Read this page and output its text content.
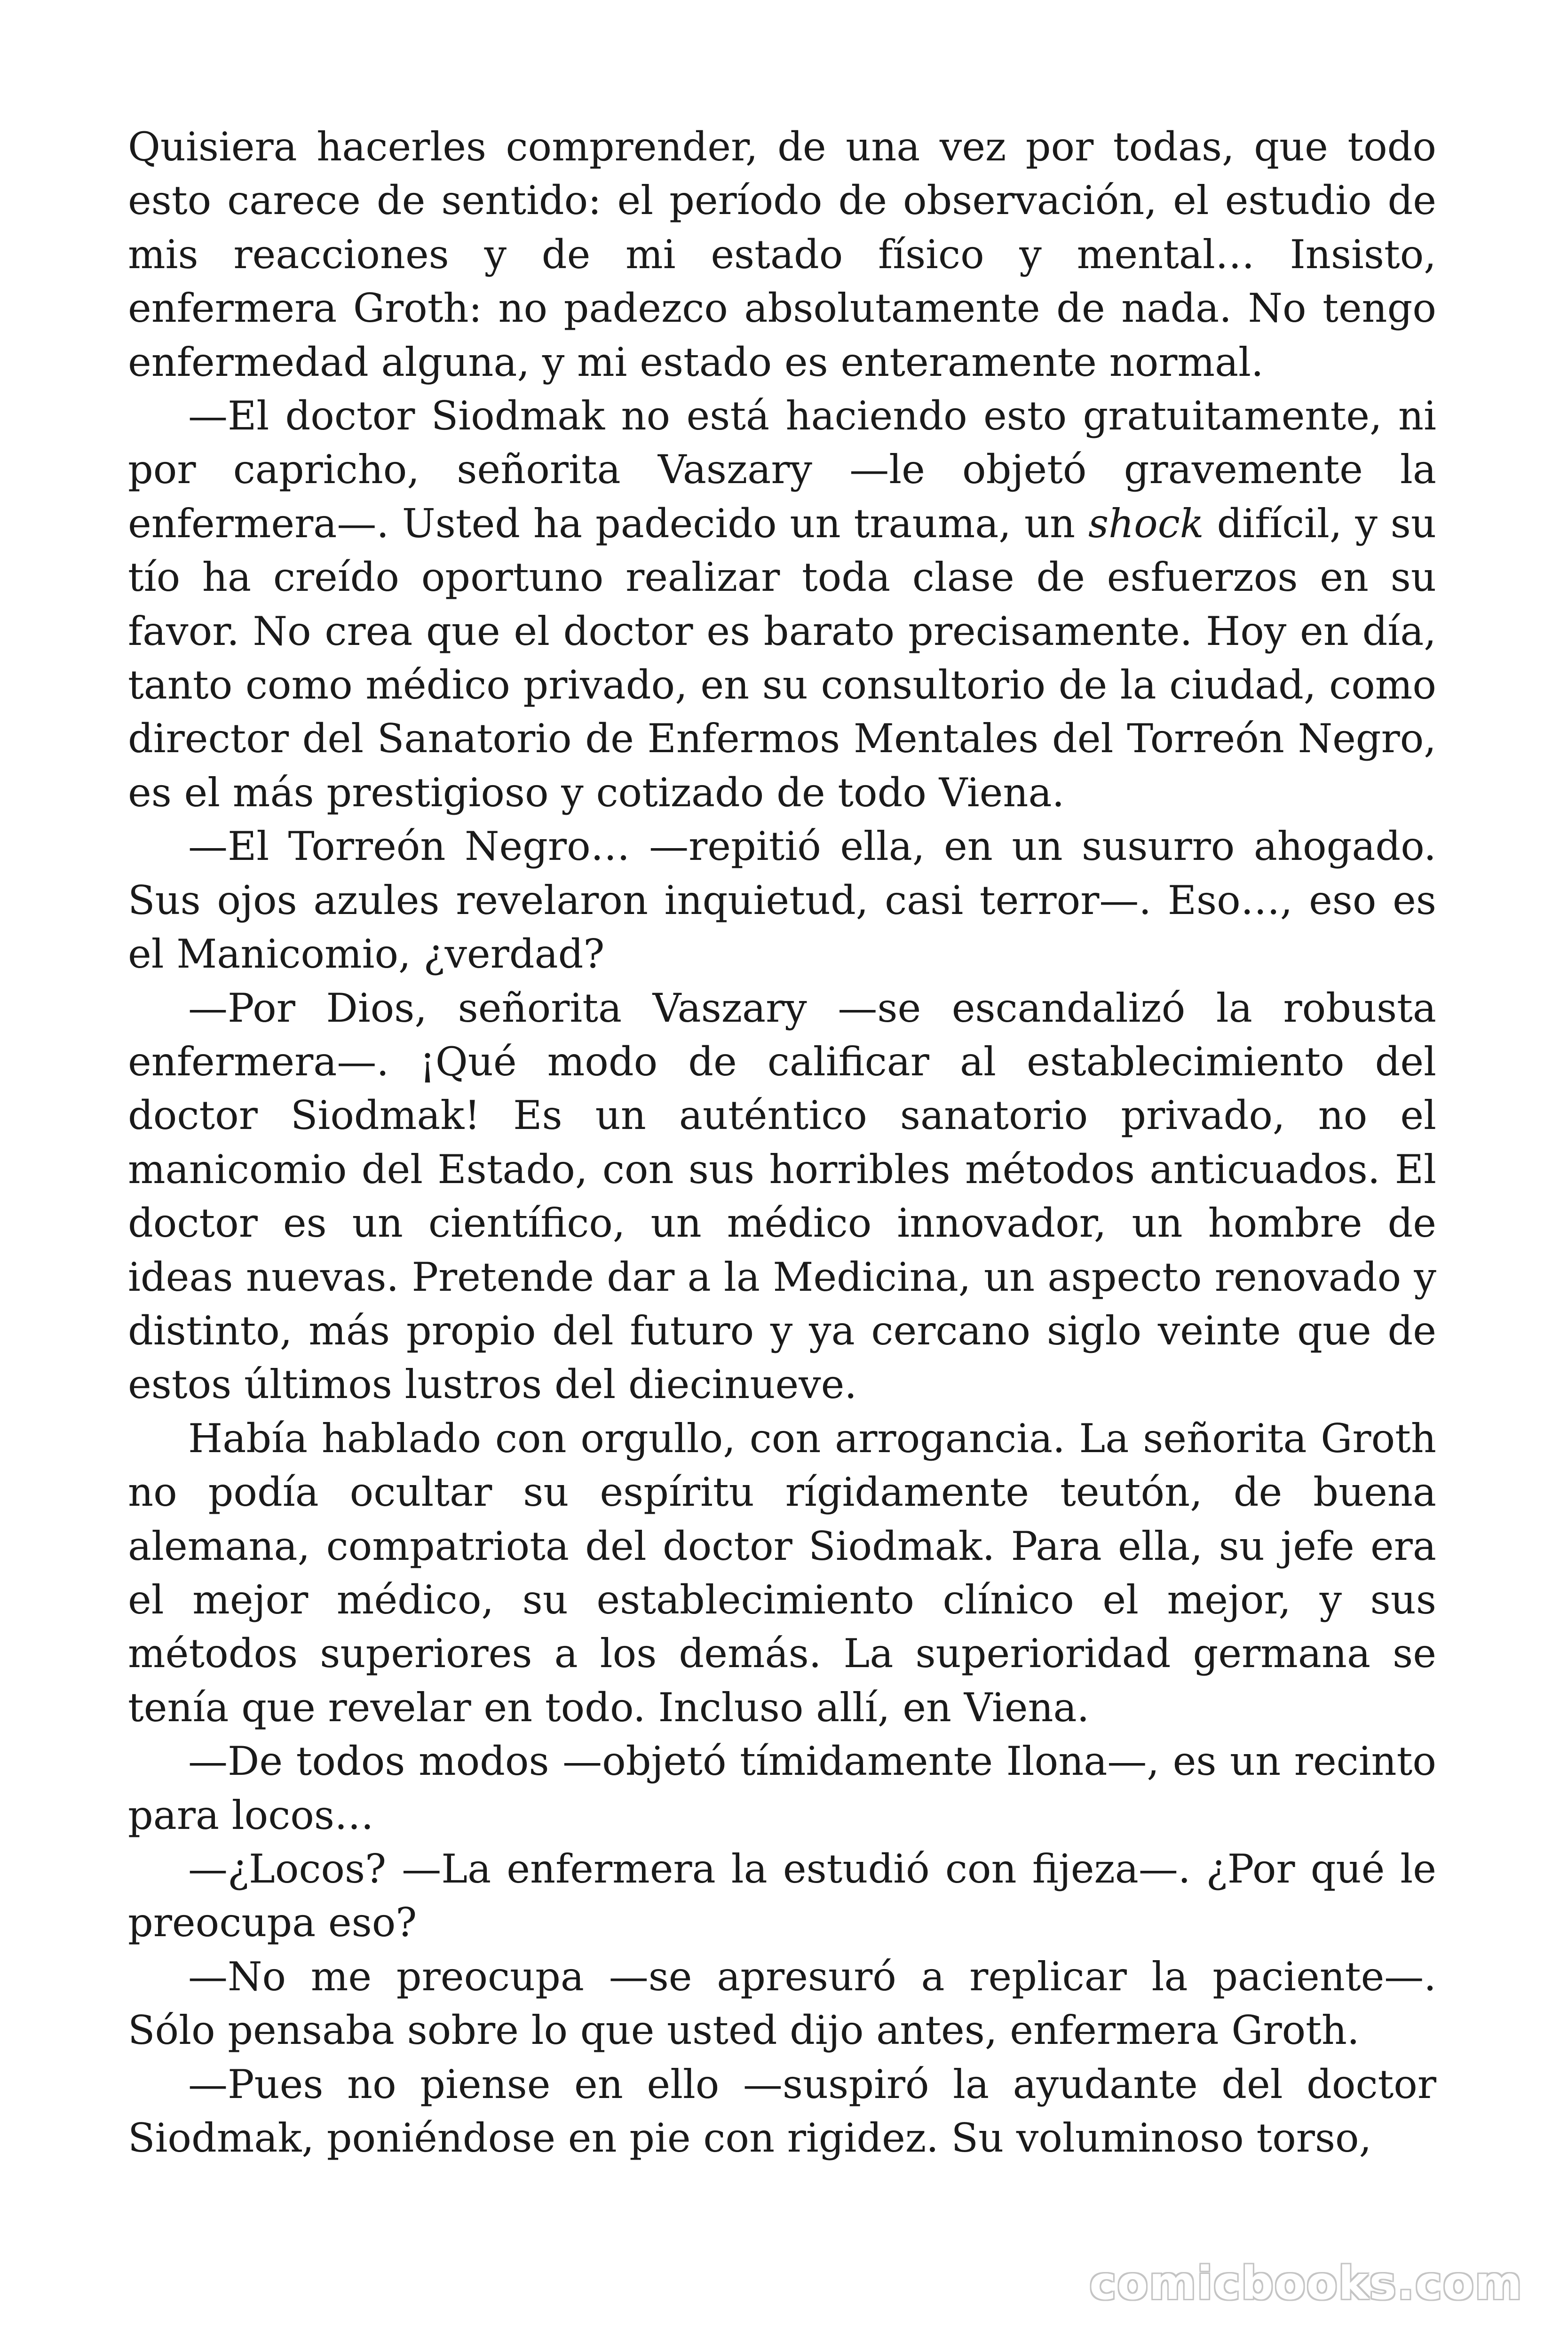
Quisiera hacerles comprender, de una vez por todas, que todo esto carece de sentido: el período de observación, el estudio de mis reacciones y de mi estado físico y mental… Insisto, enfermera Groth: no padezco absolutamente de nada. No tengo enfermedad alguna, y mi estado es enteramente normal.

—El doctor Siodmak no está haciendo esto gratuitamente, ni por capricho, señorita Vaszary —le objetó gravemente la enfermera—. Usted ha padecido un trauma, un shock difícil, y su tío ha creído oportuno realizar toda clase de esfuerzos en su favor. No crea que el doctor es barato precisamente. Hoy en día, tanto como médico privado, en su consultorio de la ciudad, como director del Sanatorio de Enfermos Mentales del Torreón Negro, es el más prestigioso y cotizado de todo Viena.

—El Torreón Negro… —repitió ella, en un susurro ahogado. Sus ojos azules revelaron inquietud, casi terror—. Eso…, eso es el Manicomio, ¿verdad?

—Por Dios, señorita Vaszary —se escandalizó la robusta enfermera—. ¡Qué modo de calificar al establecimiento del doctor Siodmak! Es un auténtico sanatorio privado, no el manicomio del Estado, con sus horribles métodos anticuados. El doctor es un científico, un médico innovador, un hombre de ideas nuevas. Pretende dar a la Medicina, un aspecto renovado y distinto, más propio del futuro y ya cercano siglo veinte que de estos últimos lustros del diecinueve.

Había hablado con orgullo, con arrogancia. La señorita Groth no podía ocultar su espíritu rígidamente teutón, de buena alemana, compatriota del doctor Siodmak. Para ella, su jefe era el mejor médico, su establecimiento clínico el mejor, y sus métodos superiores a los demás. La superioridad germana se tenía que revelar en todo. Incluso allí, en Viena.

—De todos modos —objetó tímidamente Ilona—, es un recinto para locos…

—¿Locos? —La enfermera la estudió con fijeza—. ¿Por qué le preocupa eso?

—No me preocupa —se apresuró a replicar la paciente—. Sólo pensaba sobre lo que usted dijo antes, enfermera Groth.

—Pues no piense en ello —suspiró la ayudante del doctor Siodmak, poniéndose en pie con rigidez. Su voluminoso torso,

comicbooks.com
